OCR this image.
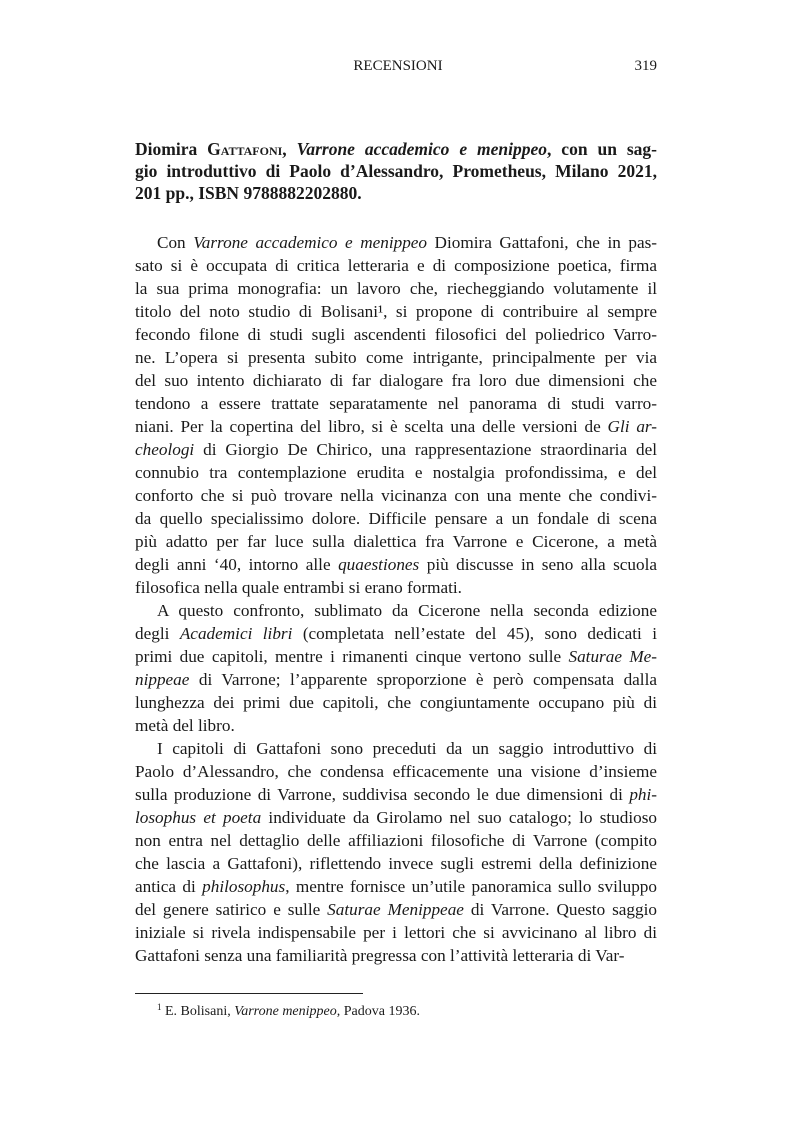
RECENSIONI	319
Diomira Gattafoni, Varrone accademico e menippeo, con un sag-
gio introduttivo di Paolo d’Alessandro, Prometheus, Milano 2021,
201 pp., ISBN 9788882202880.
Con Varrone accademico e menippeo Diomira Gattafoni, che in pas-
sato si è occupata di critica letteraria e di composizione poetica, firma
la sua prima monografia: un lavoro che, riecheggiando volutamente il
titolo del noto studio di Bolisani¹, si propone di contribuire al sempre
fecondo filone di studi sugli ascendenti filosofici del poliedrico Varro-
ne. L’opera si presenta subito come intrigante, principalmente per via
del suo intento dichiarato di far dialogare fra loro due dimensioni che
tendono a essere trattate separatamente nel panorama di studi varro-
niani. Per la copertina del libro, si è scelta una delle versioni de Gli ar-
cheologi di Giorgio De Chirico, una rappresentazione straordinaria del
connubio tra contemplazione erudita e nostalgia profondissima, e del
conforto che si può trovare nella vicinanza con una mente che condivi-
da quello specialissimo dolore. Difficile pensare a un fondale di scena
più adatto per far luce sulla dialettica fra Varrone e Cicerone, a metà
degli anni ‘40, intorno alle quaestiones più discusse in seno alla scuola
filosofica nella quale entrambi si erano formati.
A questo confronto, sublimato da Cicerone nella seconda edizione
degli Academici libri (completata nell’estate del 45), sono dedicati i
primi due capitoli, mentre i rimanenti cinque vertono sulle Saturae Me-
nippeae di Varrone; l’apparente sproporzione è però compensata dalla
lunghezza dei primi due capitoli, che congiuntamente occupano più di
metà del libro.
I capitoli di Gattafoni sono preceduti da un saggio introduttivo di
Paolo d’Alessandro, che condensa efficacemente una visione d’insieme
sulla produzione di Varrone, suddivisa secondo le due dimensioni di phi-
losophus et poeta individuate da Girolamo nel suo catalogo; lo studioso
non entra nel dettaglio delle affiliazioni filosofiche di Varrone (compito
che lascia a Gattafoni), riflettendo invece sugli estremi della definizione
antica di philosophus, mentre fornisce un’utile panoramica sullo sviluppo
del genere satirico e sulle Saturae Menippeae di Varrone. Questo saggio
iniziale si rivela indispensabile per i lettori che si avvicinano al libro di
Gattafoni senza una familiarità pregressa con l’attività letteraria di Var-
$^1$ E. Bolisani, Varrone menippeo, Padova 1936.
